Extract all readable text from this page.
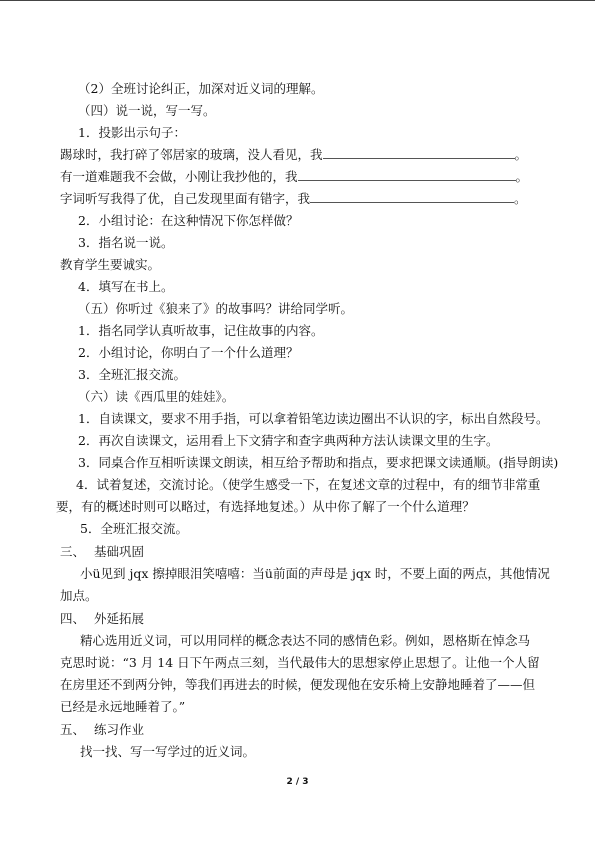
（2）全班讨论纠正，加深对近义词的理解。
（四）说一说，写一写。
1．投影出示句子：
踢球时，我打碎了邻居家的玻璃，没人看见，我	。
有一道难题我不会做，小刚让我抄他的，我	。
字词听写我得了优，自己发现里面有错字，我	。
2．小组讨论：在这种情况下你怎样做？
3．指名说一说。
教育学生要诚实。
4．填写在书上。
（五）你听过《狼来了》的故事吗？讲给同学听。
1．指名同学认真听故事，记住故事的内容。
2．小组讨论，你明白了一个什么道理？
3．全班汇报交流。
（六）读《西瓜里的娃娃》。
1．自读课文，要求不用手指，可以拿着铅笔边读边圈出不认识的字，标出自然段号。
2．再次自读课文，运用看上下文猜字和查字典两种方法认读课文里的生字。
3．同桌合作互相听读课文朗读，相互给予帮助和指点，要求把课文读通顺。(指导朗读)
4．试着复述，交流讨论。（使学生感受一下，在复述文章的过程中，有的细节非常重要，有的概述时则可以略过，有选择地复述。）从中你了解了一个什么道理？
5．全班汇报交流。
三、 基础巩固
小ü见到 jqx 擦掉眼泪笑嘻嘻：当ü前面的声母是 jqx 时，不要上面的两点，其他情况加点。
四、 外延拓展
精心选用近义词，可以用同样的概念表达不同的感情色彩。例如，恩格斯在悼念马克思时说：“3 月 14 日下午两点三刻，当代最伟大的思想家停止思想了。让他一个人留在房里还不到两分钟，等我们再进去的时候，便发现他在安乐椅上安静地睡着了——但已经是永远地睡着了。”
五、 练习作业
找一找、写一写学过的近义词。
2 / 3
